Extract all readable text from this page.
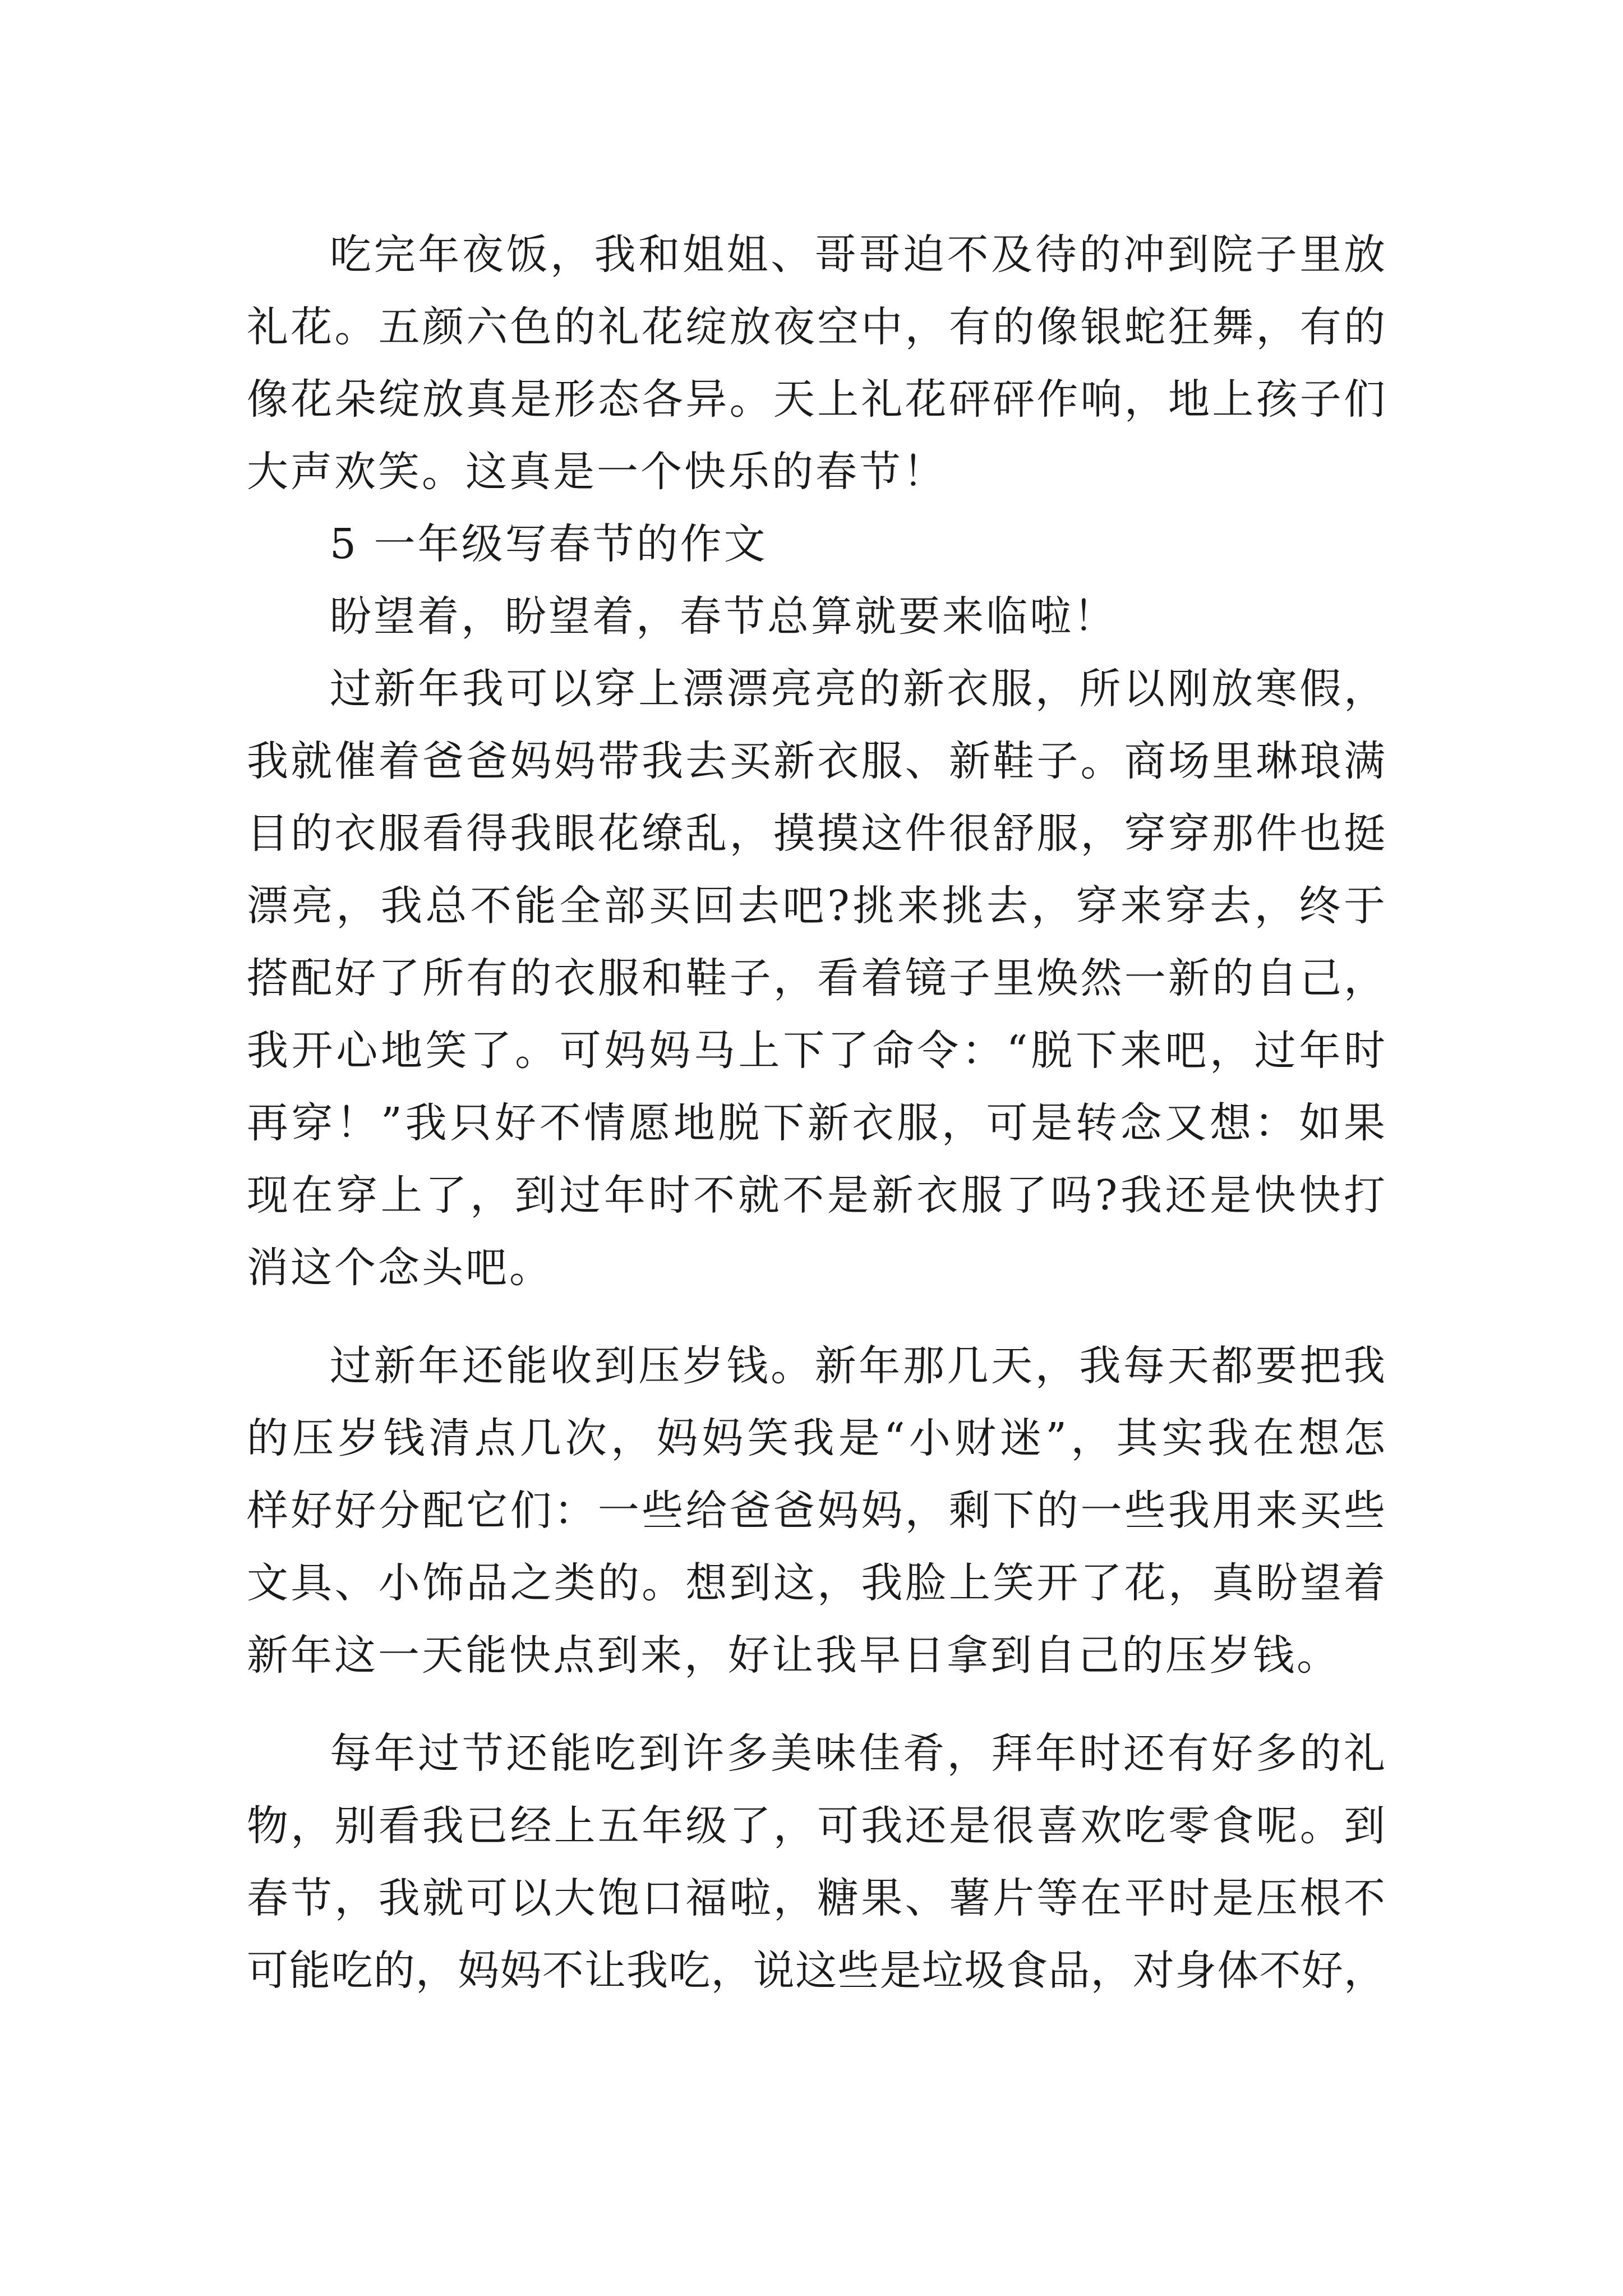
吃完年夜饭，我和姐姐、哥哥迫不及待的冲到院子里放
礼花。五颜六色的礼花绽放夜空中，有的像银蛇狂舞，有的
像花朵绽放真是形态各异。天上礼花砰砰作响，地上孩子们
大声欢笑。这真是一个快乐的春节！
5 一年级写春节的作文
盼望着，盼望着，春节总算就要来临啦！
过新年我可以穿上漂漂亮亮的新衣服，所以刚放寒假，
我就催着爸爸妈妈带我去买新衣服、新鞋子。商场里琳琅满
目的衣服看得我眼花缭乱，摸摸这件很舒服，穿穿那件也挺
漂亮，我总不能全部买回去吧?挑来挑去，穿来穿去，终于
搭配好了所有的衣服和鞋子，看着镜子里焕然一新的自己，
我开心地笑了。可妈妈马上下了命令：“脱下来吧，过年时
再穿！”我只好不情愿地脱下新衣服，可是转念又想：如果
现在穿上了，到过年时不就不是新衣服了吗?我还是快快打
消这个念头吧。
过新年还能收到压岁钱。新年那几天，我每天都要把我
的压岁钱清点几次，妈妈笑我是“小财迷”，其实我在想怎
样好好分配它们：一些给爸爸妈妈，剩下的一些我用来买些
文具、小饰品之类的。想到这，我脸上笑开了花，真盼望着
新年这一天能快点到来，好让我早日拿到自己的压岁钱。
每年过节还能吃到许多美味佳肴，拜年时还有好多的礼
物，别看我已经上五年级了，可我还是很喜欢吃零食呢。到
春节，我就可以大饱口福啦，糖果、薯片等在平时是压根不
可能吃的，妈妈不让我吃，说这些是垃圾食品，对身体不好，
